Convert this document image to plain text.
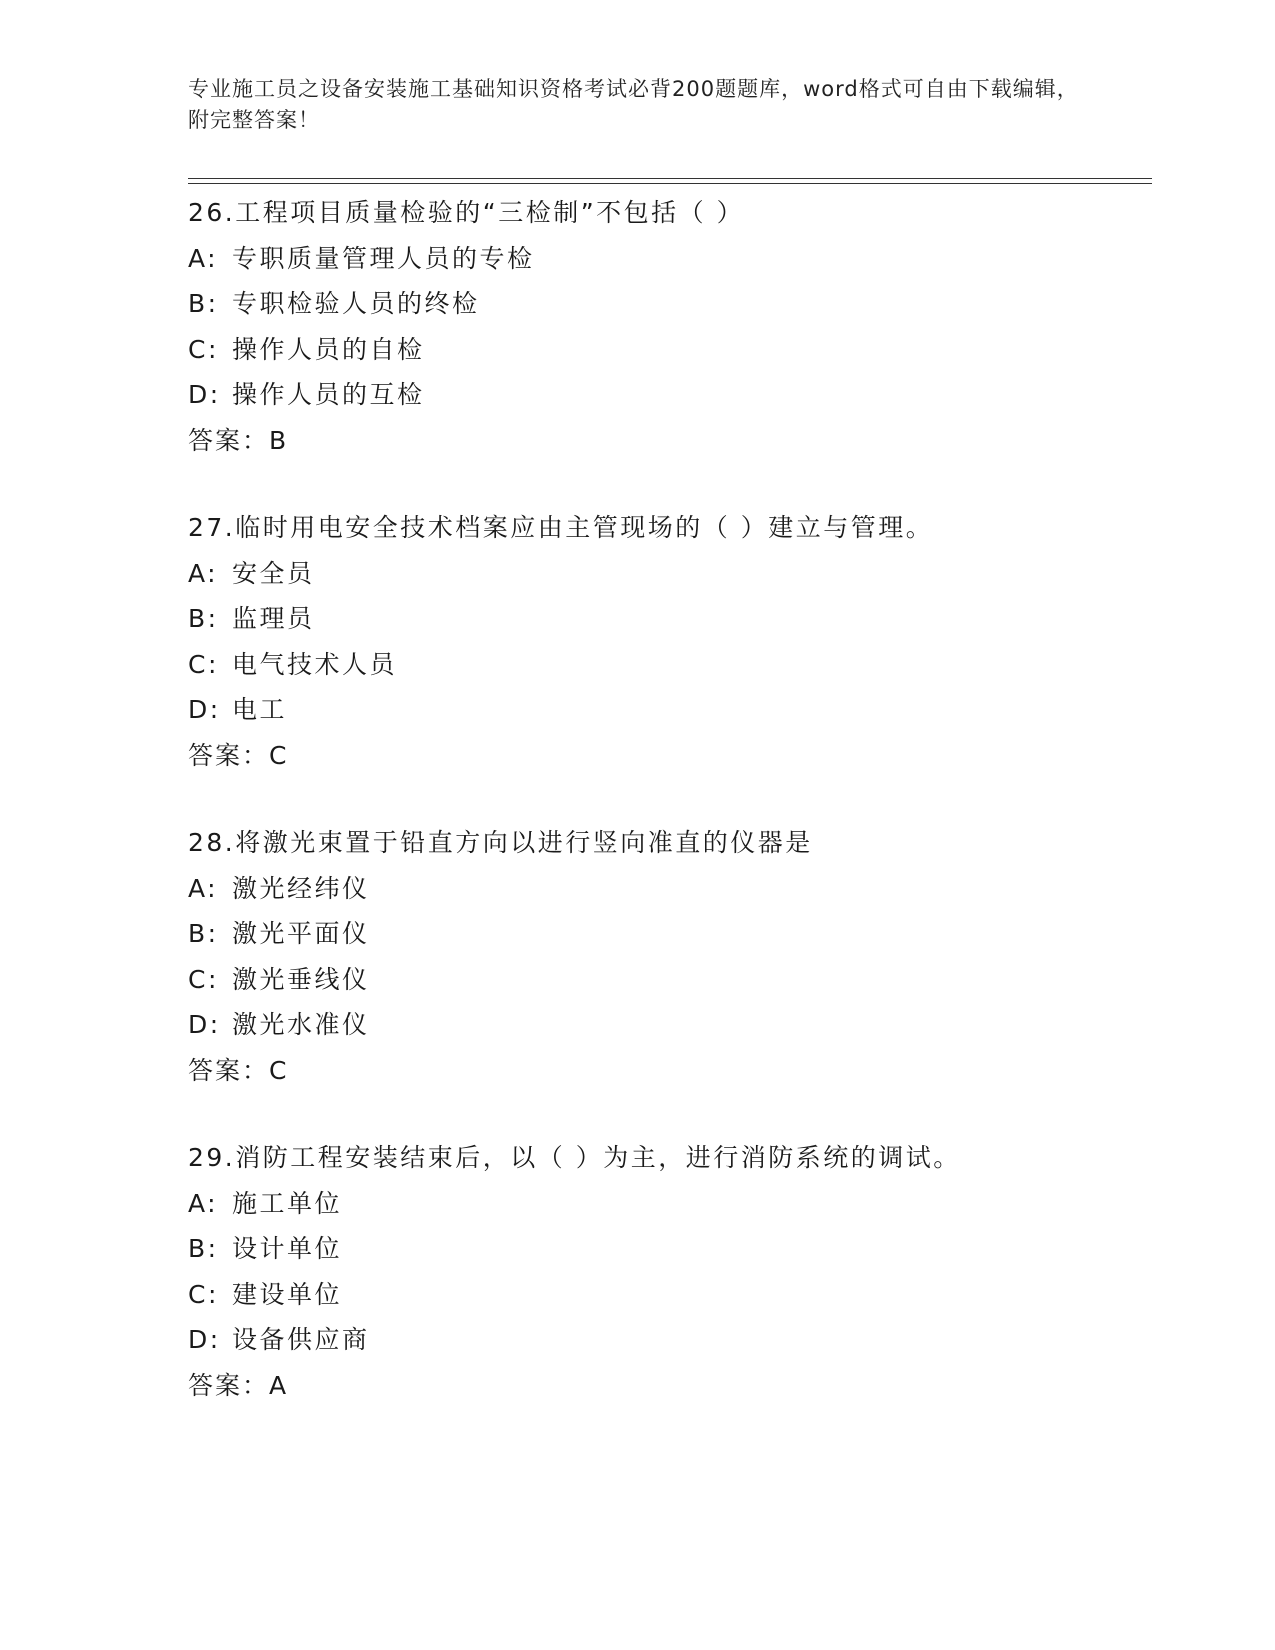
专业施工员之设备安装施工基础知识资格考试必背200题题库，word格式可自由下载编辑，附完整答案！
26.工程项目质量检验的“三检制”不包括（ ）
A: 专职质量管理人员的专检
B: 专职检验人员的终检
C: 操作人员的自检
D: 操作人员的互检
答案：B
27.临时用电安全技术档案应由主管现场的（ ）建立与管理。
A: 安全员
B: 监理员
C: 电气技术人员
D: 电工
答案：C
28.将激光束置于铅直方向以进行竖向准直的仪器是
A: 激光经纬仪
B: 激光平面仪
C: 激光垂线仪
D: 激光水准仪
答案：C
29.消防工程安装结束后，以（ ）为主，进行消防系统的调试。
A: 施工单位
B: 设计单位
C: 建设单位
D: 设备供应商
答案：A
